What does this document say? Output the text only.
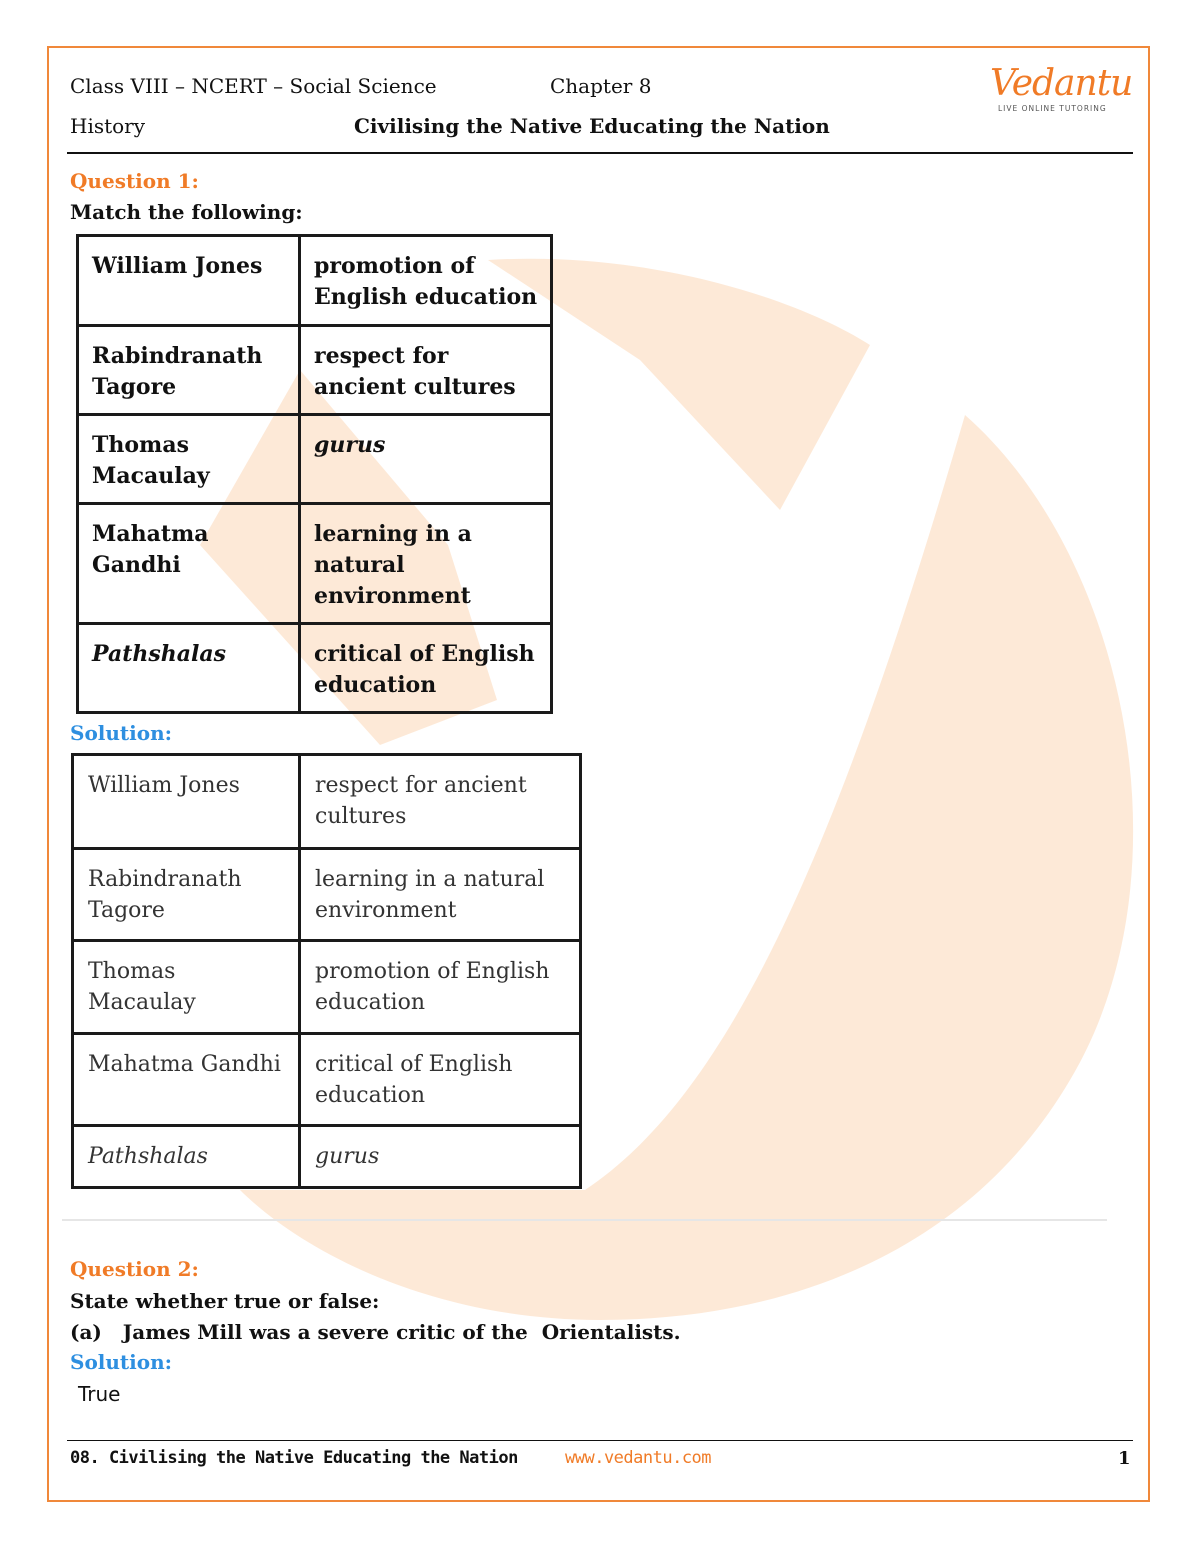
Class VIII – NCERT – Social Science	Chapter 8
History	Civilising the Native Educating the Nation
Vedantu
LIVE ONLINE TUTORING
Question 1:
Match the following:
William Jones	promotion of English education
Rabindranath Tagore	respect for ancient cultures
Thomas Macaulay	gurus
Mahatma Gandhi	learning in a natural environment
Pathshalas	critical of English education
Solution:
William Jones	respect for ancient cultures
Rabindranath Tagore	learning in a natural environment
Thomas Macaulay	promotion of English education
Mahatma Gandhi	critical of English education
Pathshalas	gurus
Question 2:
State whether true or false:
(a)   James Mill was a severe critic of the  Orientalists.
Solution:
True
08. Civilising the Native Educating the Nation	www.vedantu.com	1
